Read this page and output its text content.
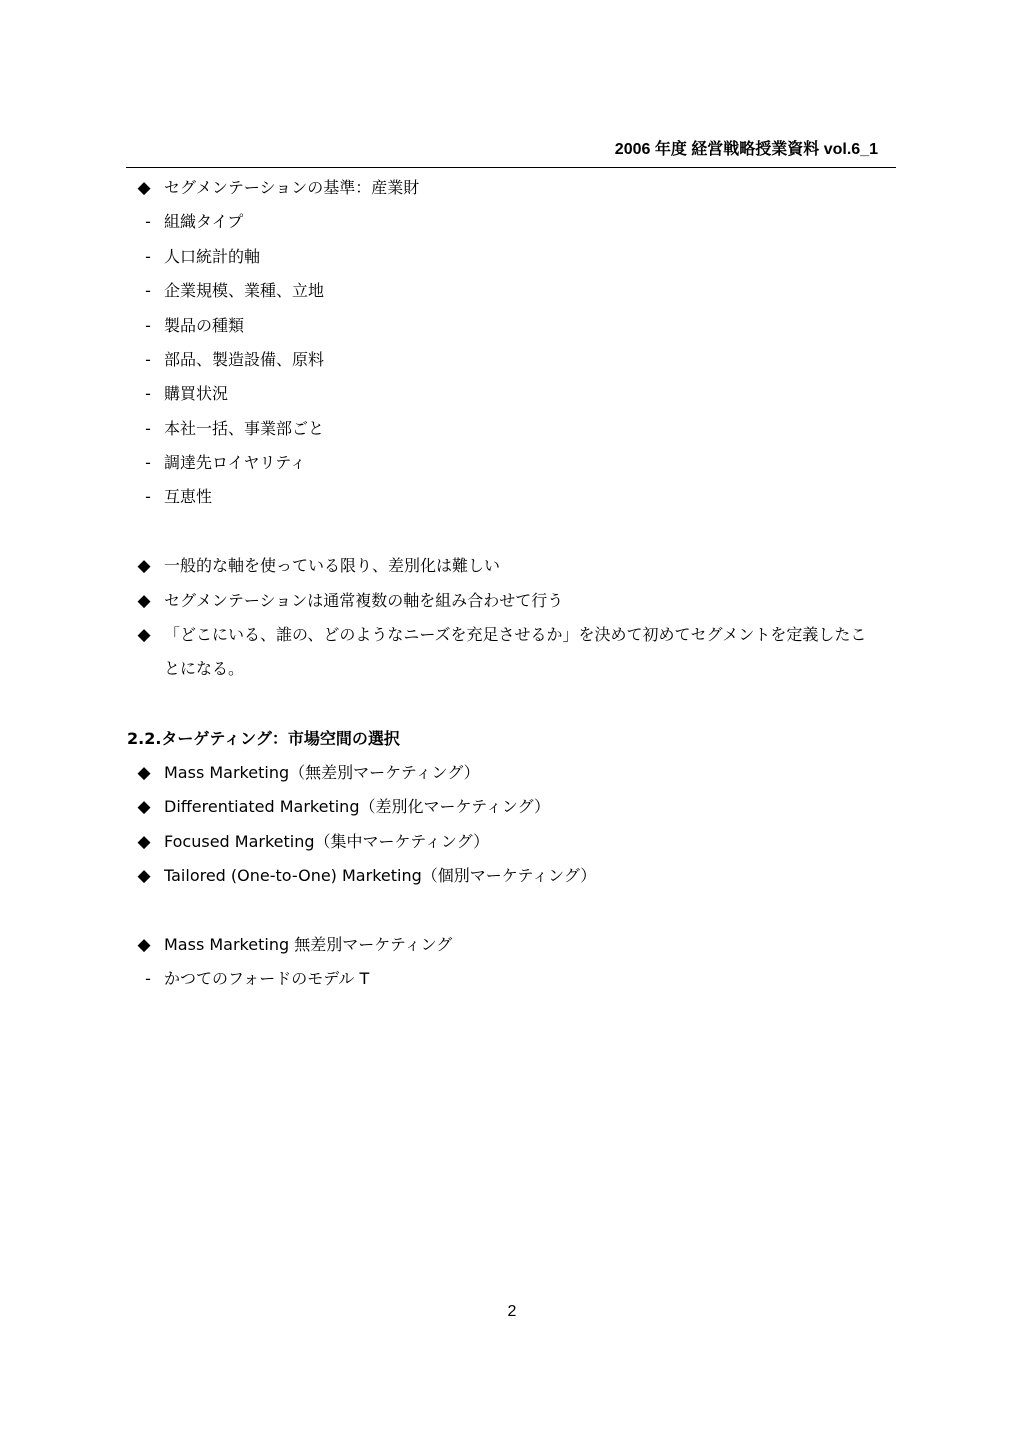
2006 年度 経営戦略授業資料 vol.6_1
◆ セグメンテーションの基準：産業財
- 組織タイプ
- 人口統計的軸
- 企業規模、業種、立地
- 製品の種類
- 部品、製造設備、原料
- 購買状況
- 本社一括、事業部ごと
- 調達先ロイヤリティ
- 互恵性
◆ 一般的な軸を使っている限り、差別化は難しい
◆ セグメンテーションは通常複数の軸を組み合わせて行う
◆ 「どこにいる、誰の、どのようなニーズを充足させるか」を決めて初めてセグメントを定義したこ
とになる。
2.2.ターゲティング：市場空間の選択
◆ Mass Marketing（無差別マーケティング）
◆ Differentiated Marketing（差別化マーケティング）
◆ Focused Marketing（集中マーケティング）
◆ Tailored (One-to-One) Marketing（個別マーケティング）
◆ Mass Marketing 無差別マーケティング
- かつてのフォードのモデル T
2
